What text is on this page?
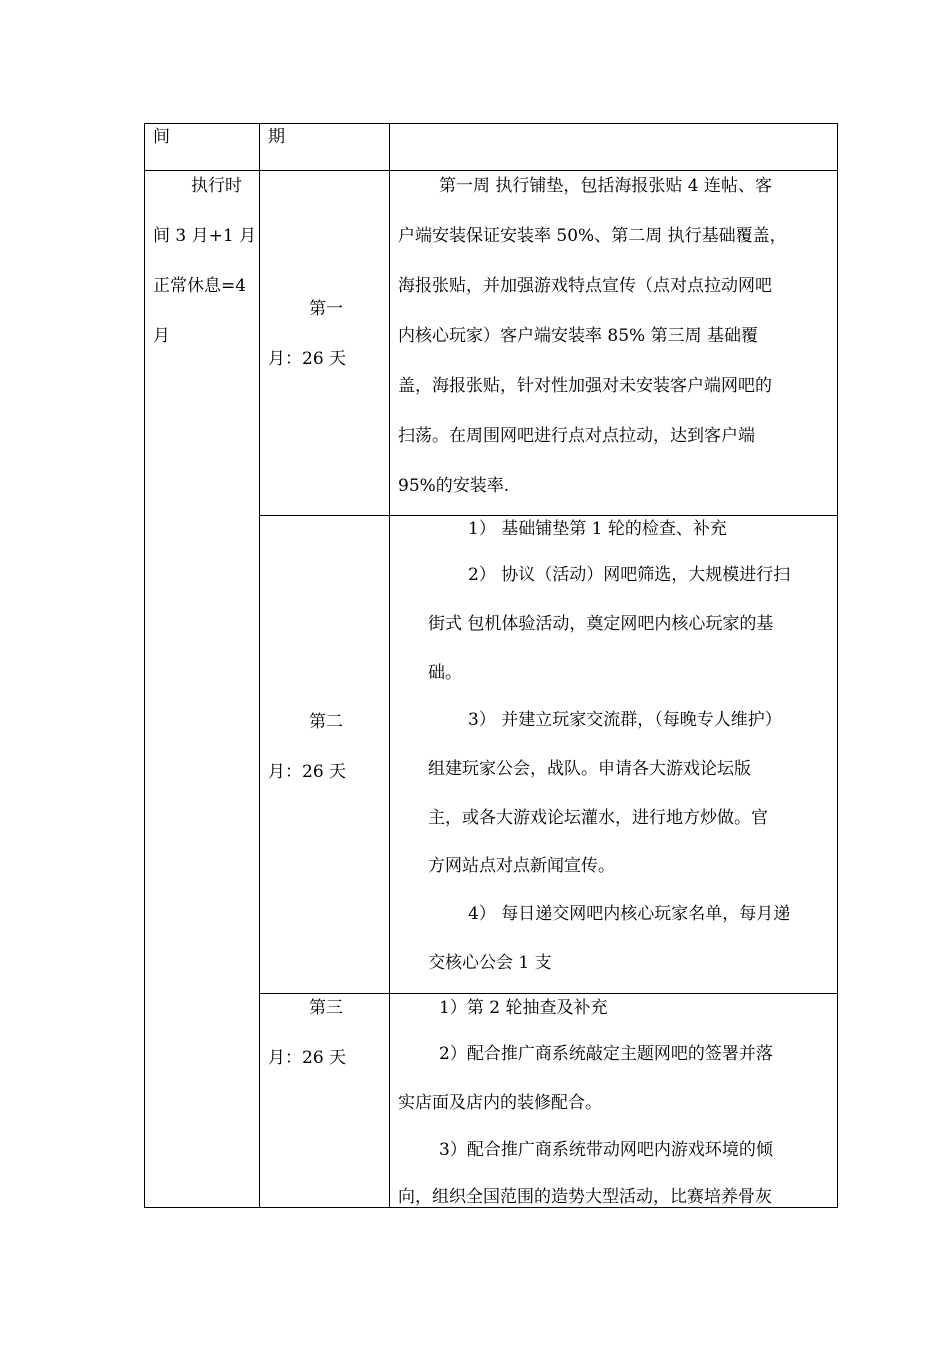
间	期
执行时
间 3 月+1 月
正常休息=4
月
第一
月：26 天
第一周 执行铺垫，包括海报张贴 4 连帖、客
户端安装保证安装率 50%、第二周 执行基础覆盖，
海报张贴，并加强游戏特点宣传（点对点拉动网吧
内核心玩家）客户端安装率 85% 第三周 基础覆
盖，海报张贴，针对性加强对未安装客户端网吧的
扫荡。在周围网吧进行点对点拉动，达到客户端
95%的安装率.
第二
月：26 天
1） 基础铺垫第 1 轮的检查、补充
2） 协议（活动）网吧筛选，大规模进行扫
街式 包机体验活动，奠定网吧内核心玩家的基
础。
3） 并建立玩家交流群，（每晚专人维护）
组建玩家公会，战队。申请各大游戏论坛版
主，或各大游戏论坛灌水，进行地方炒做。官
方网站点对点新闻宣传。
4） 每日递交网吧内核心玩家名单，每月递
交核心公会 1 支
第三
月：26 天
1）第 2 轮抽查及补充
2）配合推广商系统敲定主题网吧的签署并落
实店面及店内的装修配合。
3）配合推广商系统带动网吧内游戏环境的倾
向，组织全国范围的造势大型活动，比赛培养骨灰
